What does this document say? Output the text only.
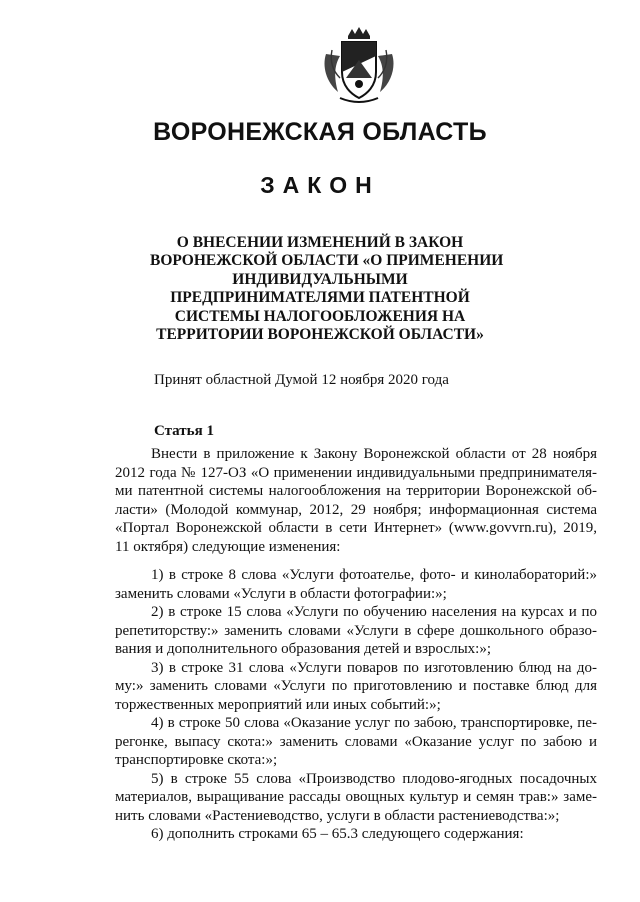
ВОРОНЕЖСКАЯ ОБЛАСТЬ
ЗАКОН
О ВНЕСЕНИИ ИЗМЕНЕНИЙ В ЗАКОН
ВОРОНЕЖСКОЙ ОБЛАСТИ «О ПРИМЕНЕНИИ
ИНДИВИДУАЛЬНЫМИ
ПРЕДПРИНИМАТЕЛЯМИ ПАТЕНТНОЙ
СИСТЕМЫ НАЛОГООБЛОЖЕНИЯ НА
ТЕРРИТОРИИ ВОРОНЕЖСКОЙ ОБЛАСТИ»
Принят областной Думой 12 ноября 2020 года
Статья 1
Внести в приложение к Закону Воронежской области от 28 ноября
2012 года № 127-ОЗ «О применении индивидуальными предпринимателя-
ми патентной системы налогообложения на территории Воронежской об-
ласти» (Молодой коммунар, 2012, 29 ноября; информационная система
«Портал Воронежской области в сети Интернет» (www.govvrn.ru), 2019,
11 октября) следующие изменения:
1) в строке 8 слова «Услуги фотоателье, фото- и кинолабораторий:»
заменить словами «Услуги в области фотографии:»;
2) в строке 15 слова «Услуги по обучению населения на курсах и по
репетиторству:» заменить словами «Услуги в сфере дошкольного образо-
вания и дополнительного образования детей и взрослых:»;
3) в строке 31 слова «Услуги поваров по изготовлению блюд на до-
му:» заменить словами «Услуги по приготовлению и поставке блюд для
торжественных мероприятий или иных событий:»;
4) в строке 50 слова «Оказание услуг по забою, транспортировке, пе-
регонке, выпасу скота:» заменить словами «Оказание услуг по забою и
транспортировке скота:»;
5) в строке 55 слова «Производство плодово-ягодных посадочных
материалов, выращивание рассады овощных культур и семян трав:» заме-
нить словами «Растениеводство, услуги в области растениеводства:»;
6) дополнить строками 65 – 65.3 следующего содержания:
